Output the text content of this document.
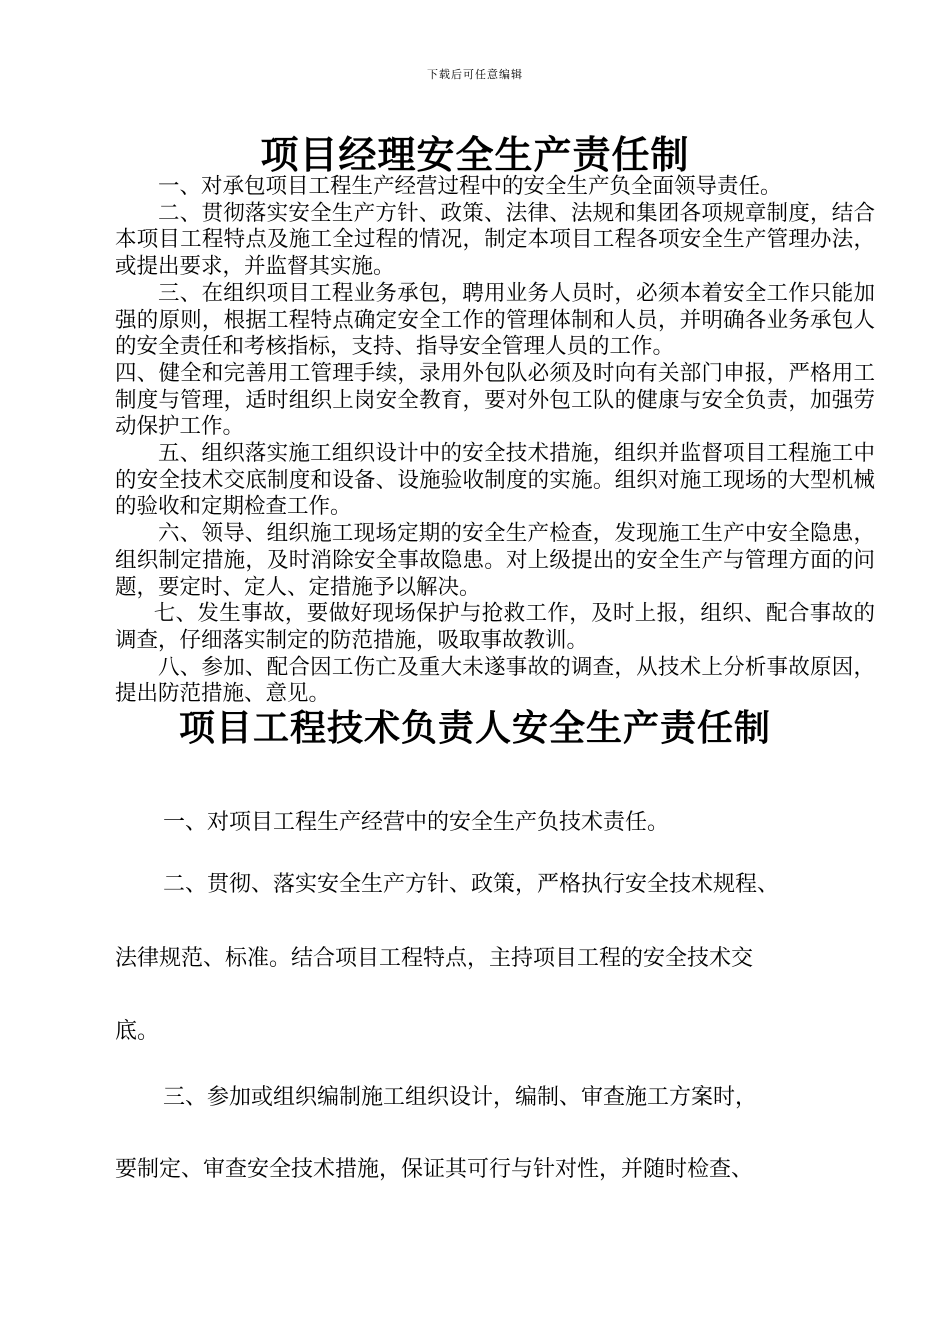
下载后可任意编辑
项目经理安全生产责任制

一、对承包项目工程生产经营过程中的安全生产负全面领导责任。

二、贯彻落实安全生产方针、政策、法律、法规和集团各项规章制度，结合本项目工程特点及施工全过程的情况，制定本项目工程各项安全生产管理办法，或提出要求，并监督其实施。

三、在组织项目工程业务承包，聘用业务人员时，必须本着安全工作只能加强的原则，根据工程特点确定安全工作的管理体制和人员，并明确各业务承包人的安全责任和考核指标，支持、指导安全管理人员的工作。

四、健全和完善用工管理手续，录用外包队必须及时向有关部门申报，严格用工制度与管理，适时组织上岗安全教育，要对外包工队的健康与安全负责，加强劳动保护工作。

五、组织落实施工组织设计中的安全技术措施，组织并监督项目工程施工中的安全技术交底制度和设备、设施验收制度的实施。组织对施工现场的大型机械的验收和定期检查工作。

六、领导、组织施工现场定期的安全生产检查，发现施工生产中安全隐患，组织制定措施，及时消除安全事故隐患。对上级提出的安全生产与管理方面的问题，要定时、定人、定措施予以解决。

七、发生事故，要做好现场保护与抢救工作，及时上报，组织、配合事故的调查，仔细落实制定的防范措施，吸取事故教训。

八、参加、配合因工伤亡及重大未遂事故的调查，从技术上分析事故原因，提出防范措施、意见。

项目工程技术负责人安全生产责任制
一、对项目工程生产经营中的安全生产负技术责任。
二、贯彻、落实安全生产方针、政策，严格执行安全技术规程、
法律规范、标准。结合项目工程特点，主持项目工程的安全技术交
底。
三、参加或组织编制施工组织设计，编制、审查施工方案时，
要制定、审查安全技术措施，保证其可行与针对性，并随时检查、
